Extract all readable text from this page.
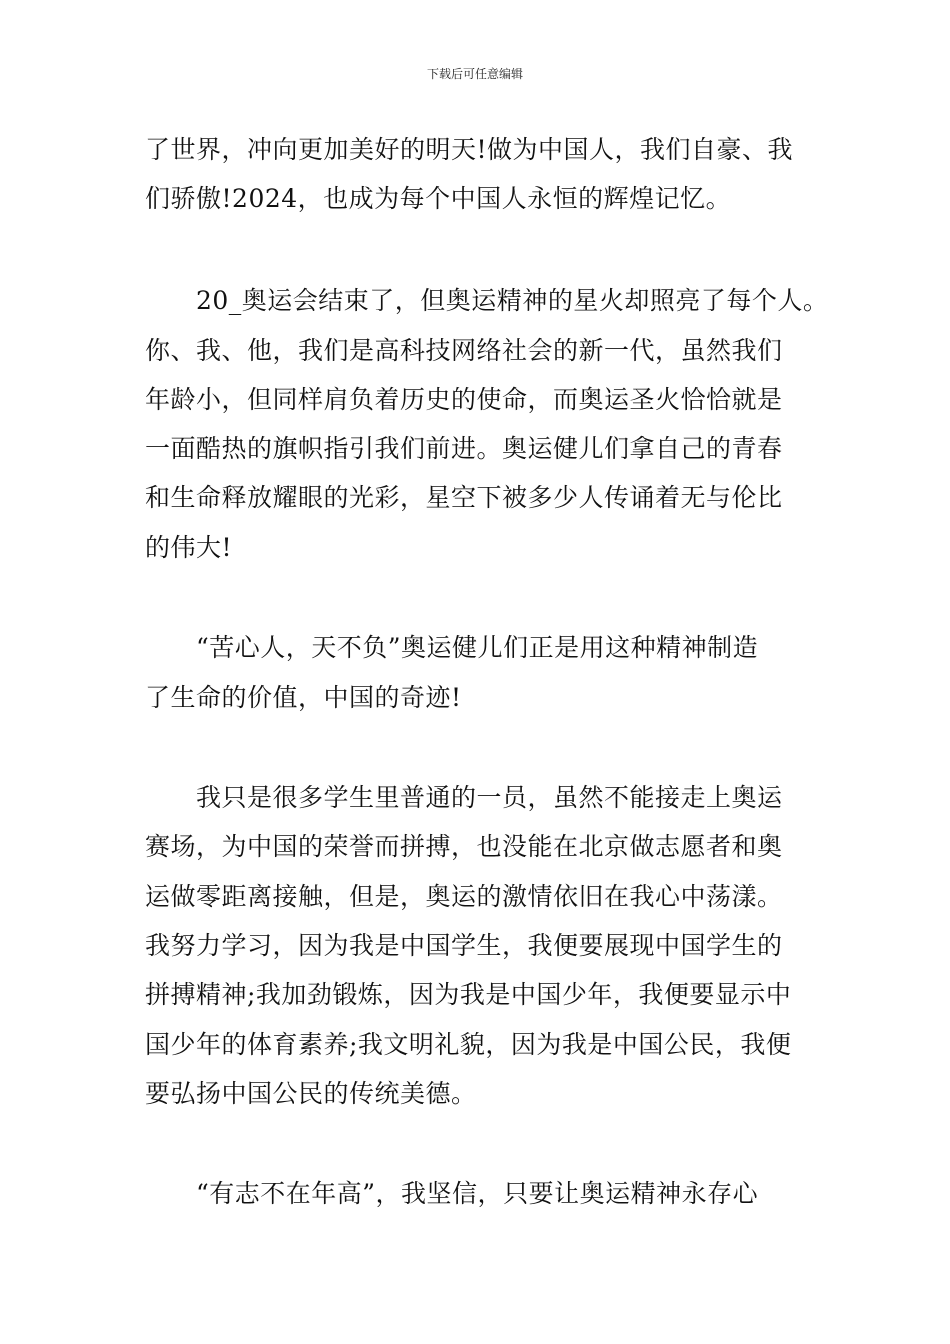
下载后可任意编辑
了世界，冲向更加美好的明天!做为中国人，我们自豪、我
们骄傲!2024，也成为每个中国人永恒的辉煌记忆。
20_奥运会结束了，但奥运精神的星火却照亮了每个人。
你、我、他，我们是高科技网络社会的新一代，虽然我们
年龄小，但同样肩负着历史的使命，而奥运圣火恰恰就是
一面酷热的旗帜指引我们前进。奥运健儿们拿自己的青春
和生命释放耀眼的光彩，星空下被多少人传诵着无与伦比
的伟大!
“苦心人，天不负”奥运健儿们正是用这种精神制造
了生命的价值，中国的奇迹!
我只是很多学生里普通的一员，虽然不能接走上奥运
赛场，为中国的荣誉而拼搏，也没能在北京做志愿者和奥
运做零距离接触，但是，奥运的激情依旧在我心中荡漾。
我努力学习，因为我是中国学生，我便要展现中国学生的
拼搏精神;我加劲锻炼，因为我是中国少年，我便要显示中
国少年的体育素养;我文明礼貌，因为我是中国公民，我便
要弘扬中国公民的传统美德。
“有志不在年高”，我坚信，只要让奥运精神永存心
